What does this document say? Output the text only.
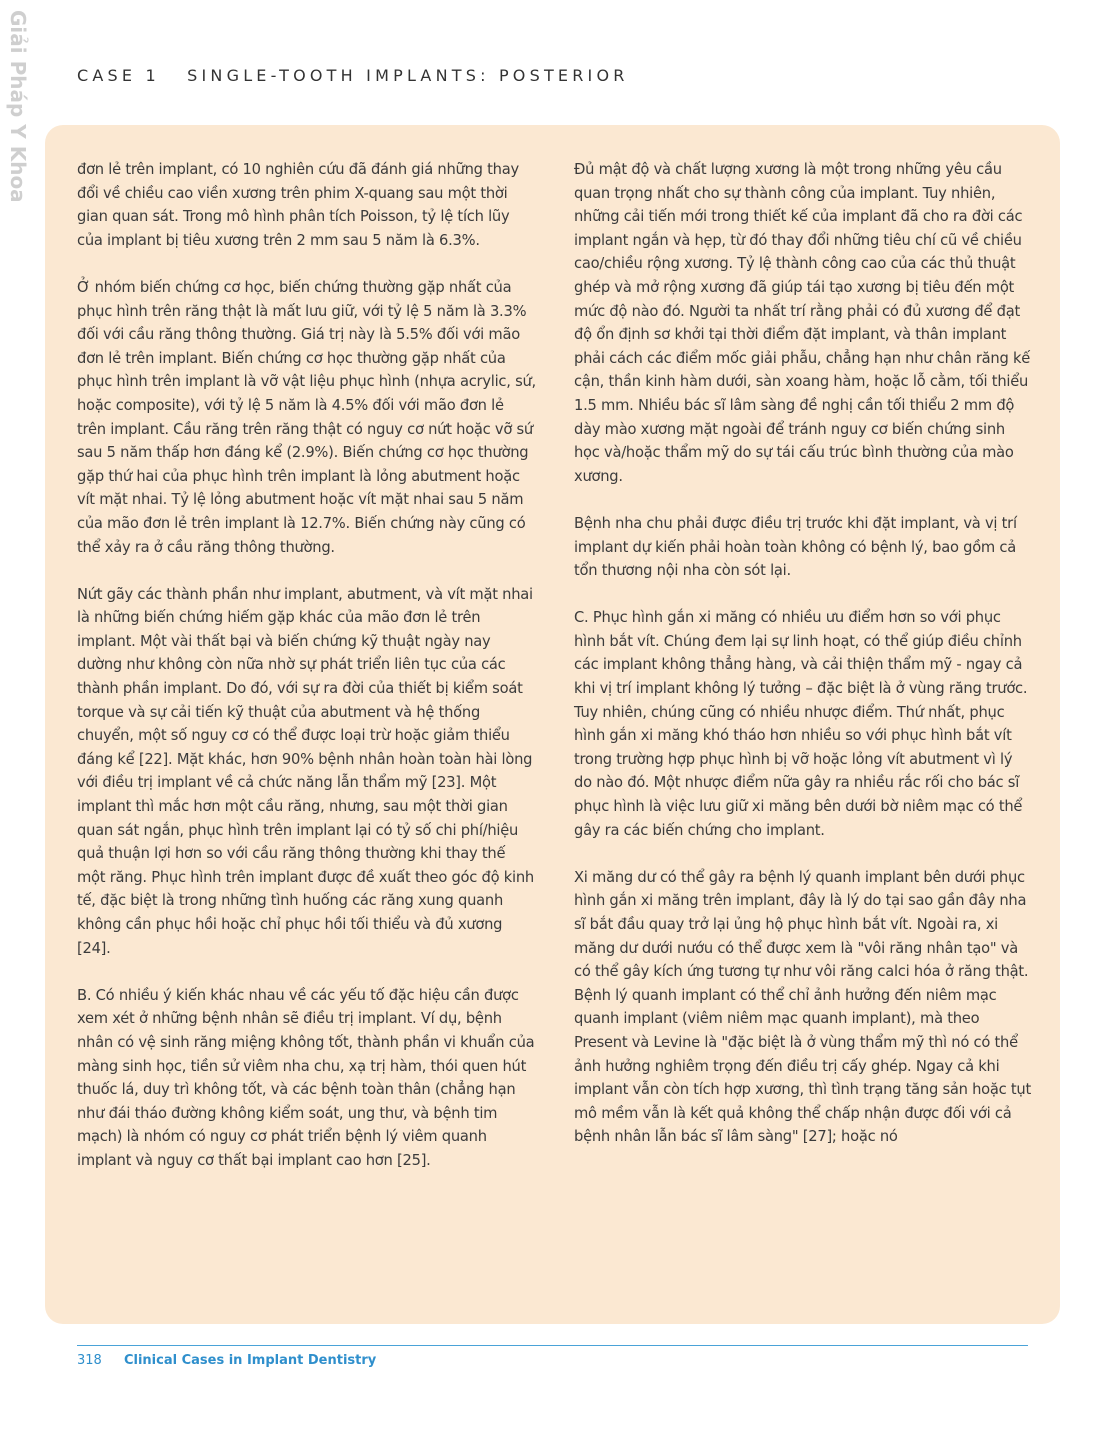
Giải Pháp Y Khoa	CASE 1 SINGLE-TOOTH IMPLANTS: POSTERIOR

đơn lẻ trên implant, có 10 nghiên cứu đã đánh giá những thay đổi về chiều cao viền xương trên phim X-quang sau một thời gian quan sát. Trong mô hình phân tích Poisson, tỷ lệ tích lũy của implant bị tiêu xương trên 2 mm sau 5 năm là 6.3%.

Ở nhóm biến chứng cơ học, biến chứng thường gặp nhất của phục hình trên răng thật là mất lưu giữ, với tỷ lệ 5 năm là 3.3% đối với cầu răng thông thường. Giá trị này là 5.5% đối với mão đơn lẻ trên implant. Biến chứng cơ học thường gặp nhất của phục hình trên implant là vỡ vật liệu phục hình (nhựa acrylic, sứ, hoặc composite), với tỷ lệ 5 năm là 4.5% đối với mão đơn lẻ trên implant. Cầu răng trên răng thật có nguy cơ nứt hoặc vỡ sứ sau 5 năm thấp hơn đáng kể (2.9%). Biến chứng cơ học thường gặp thứ hai của phục hình trên implant là lỏng abutment hoặc vít mặt nhai. Tỷ lệ lỏng abutment hoặc vít mặt nhai sau 5 năm của mão đơn lẻ trên implant là 12.7%. Biến chứng này cũng có thể xảy ra ở cầu răng thông thường.

Nứt gãy các thành phần như implant, abutment, và vít mặt nhai là những biến chứng hiếm gặp khác của mão đơn lẻ trên implant. Một vài thất bại và biến chứng kỹ thuật ngày nay dường như không còn nữa nhờ sự phát triển liên tục của các thành phần implant. Do đó, với sự ra đời của thiết bị kiểm soát torque và sự cải tiến kỹ thuật của abutment và hệ thống chuyển, một số nguy cơ có thể được loại trừ hoặc giảm thiểu đáng kể [22]. Mặt khác, hơn 90% bệnh nhân hoàn toàn hài lòng với điều trị implant về cả chức năng lẫn thẩm mỹ [23]. Một implant thì mắc hơn một cầu răng, nhưng, sau một thời gian quan sát ngắn, phục hình trên implant lại có tỷ số chi phí/hiệu quả thuận lợi hơn so với cầu răng thông thường khi thay thế một răng. Phục hình trên implant được đề xuất theo góc độ kinh tế, đặc biệt là trong những tình huống các răng xung quanh không cần phục hồi hoặc chỉ phục hồi tối thiểu và đủ xương [24].

B. Có nhiều ý kiến khác nhau về các yếu tố đặc hiệu cần được xem xét ở những bệnh nhân sẽ điều trị implant. Ví dụ, bệnh nhân có vệ sinh răng miệng không tốt, thành phần vi khuẩn của màng sinh học, tiền sử viêm nha chu, xạ trị hàm, thói quen hút thuốc lá, duy trì không tốt, và các bệnh toàn thân (chẳng hạn như đái tháo đường không kiểm soát, ung thư, và bệnh tim mạch) là nhóm có nguy cơ phát triển bệnh lý viêm quanh implant và nguy cơ thất bại implant cao hơn [25].

Đủ mật độ và chất lượng xương là một trong những yêu cầu quan trọng nhất cho sự thành công của implant. Tuy nhiên, những cải tiến mới trong thiết kế của implant đã cho ra đời các implant ngắn và hẹp, từ đó thay đổi những tiêu chí cũ về chiều cao/chiều rộng xương. Tỷ lệ thành công cao của các thủ thuật ghép và mở rộng xương đã giúp tái tạo xương bị tiêu đến một mức độ nào đó. Người ta nhất trí rằng phải có đủ xương để đạt độ ổn định sơ khởi tại thời điểm đặt implant, và thân implant phải cách các điểm mốc giải phẫu, chẳng hạn như chân răng kế cận, thần kinh hàm dưới, sàn xoang hàm, hoặc lỗ cằm, tối thiểu 1.5 mm. Nhiều bác sĩ lâm sàng đề nghị cần tối thiểu 2 mm độ dày mào xương mặt ngoài để tránh nguy cơ biến chứng sinh học và/hoặc thẩm mỹ do sự tái cấu trúc bình thường của mào xương.

Bệnh nha chu phải được điều trị trước khi đặt implant, và vị trí implant dự kiến phải hoàn toàn không có bệnh lý, bao gồm cả tổn thương nội nha còn sót lại.

C. Phục hình gắn xi măng có nhiều ưu điểm hơn so với phục hình bắt vít. Chúng đem lại sự linh hoạt, có thể giúp điều chỉnh các implant không thẳng hàng, và cải thiện thẩm mỹ - ngay cả khi vị trí implant không lý tưởng – đặc biệt là ở vùng răng trước. Tuy nhiên, chúng cũng có nhiều nhược điểm. Thứ nhất, phục hình gắn xi măng khó tháo hơn nhiều so với phục hình bắt vít trong trường hợp phục hình bị vỡ hoặc lỏng vít abutment vì lý do nào đó. Một nhược điểm nữa gây ra nhiều rắc rối cho bác sĩ phục hình là việc lưu giữ xi măng bên dưới bờ niêm mạc có thể gây ra các biến chứng cho implant.

Xi măng dư có thể gây ra bệnh lý quanh implant bên dưới phục hình gắn xi măng trên implant, đây là lý do tại sao gần đây nha sĩ bắt đầu quay trở lại ủng hộ phục hình bắt vít. Ngoài ra, xi măng dư dưới nướu có thể được xem là "vôi răng nhân tạo" và có thể gây kích ứng tương tự như vôi răng calci hóa ở răng thật. Bệnh lý quanh implant có thể chỉ ảnh hưởng đến niêm mạc quanh implant (viêm niêm mạc quanh implant), mà theo Present và Levine là "đặc biệt là ở vùng thẩm mỹ thì nó có thể ảnh hưởng nghiêm trọng đến điều trị cấy ghép. Ngay cả khi implant vẫn còn tích hợp xương, thì tình trạng tăng sản hoặc tụt mô mềm vẫn là kết quả không thể chấp nhận được đối với cả bệnh nhân lẫn bác sĩ lâm sàng" [27]; hoặc nó

318 Clinical Cases in Implant Dentistry
